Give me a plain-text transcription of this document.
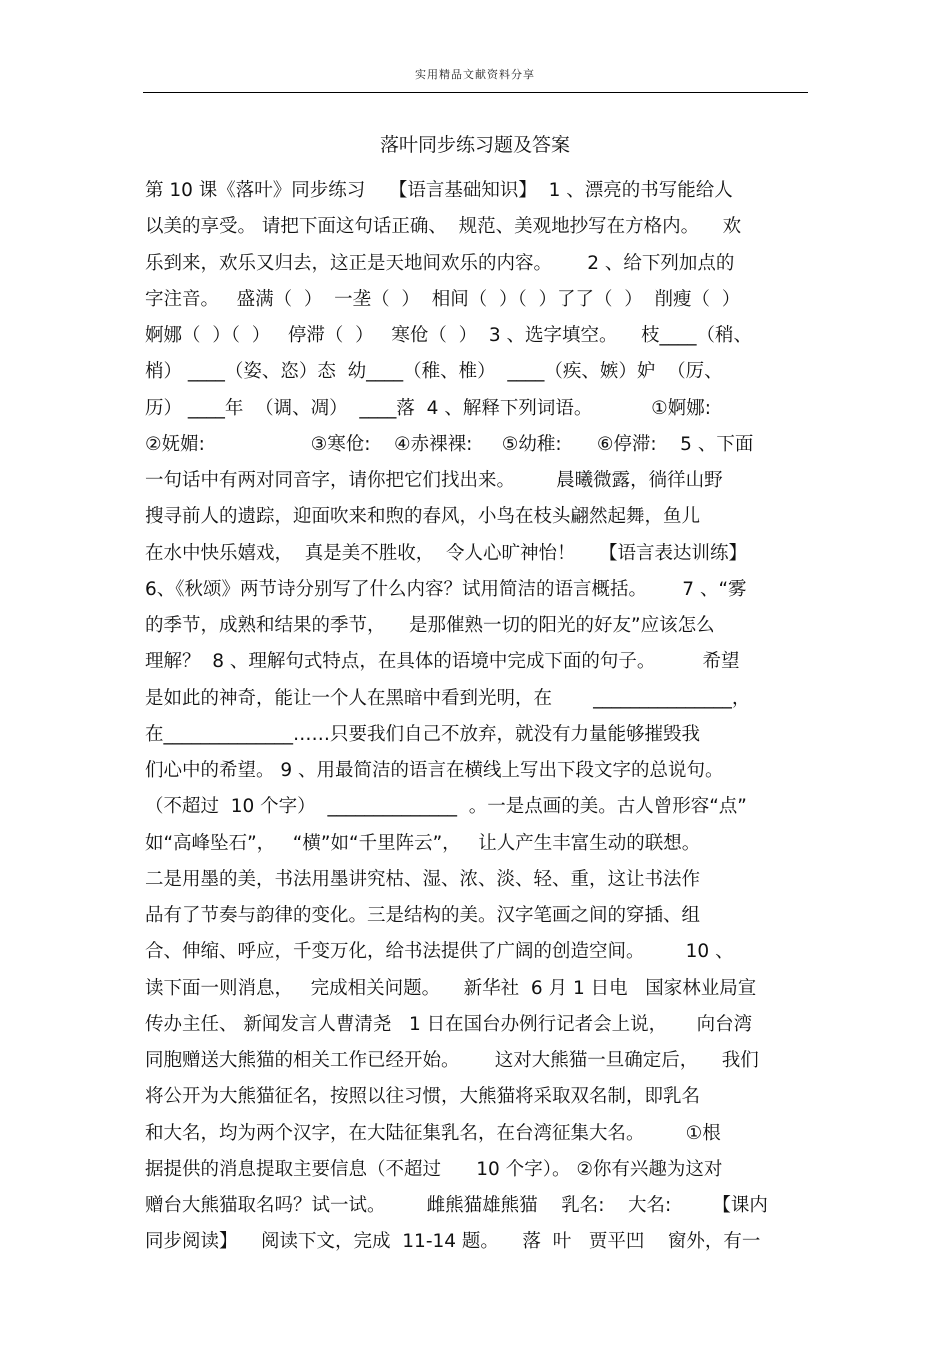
实用精品文献资料分享
落叶同步练习题及答案
第 10 课《落叶》同步练习    【语言基础知识】  1 、漂亮的书写能给人
以美的享受。 请把下面这句话正确、  规范、美观地抄写在方格内。    欢
乐到来，欢乐又归去，这正是天地间欢乐的内容。      2 、给下列加点的
字注音。   盛满（  ）  一垄（  ）  相间（  ）（  ）了了（  ）  削瘦（  ）
婀娜（  ）（  ）   停滞（  ）   寒伧（  ）  3 、选字填空。    枝____（稍、
梢） ____（姿、恣）态  幼____（稚、椎）  ____（疾、嫉）妒  （厉、
历） ____年  （调、凋）  ____落  4 、解释下列词语。          ①婀娜:
②妩媚:                  ③寒伧:    ④赤裸裸:     ⑤幼稚:      ⑥停滞:    5 、下面
一句话中有两对同音字，请你把它们找出来。       晨曦微露，徜徉山野
搜寻前人的遗踪，迎面吹来和煦的春风，小鸟在枝头翩然起舞，鱼儿
在水中快乐嬉戏，  真是美不胜收，  令人心旷神怡！    【语言表达训练】
6、《秋颂》两节诗分别写了什么内容？试用简洁的语言概括。      7 、“雾
的季节，成熟和结果的季节，    是那催熟一切的阳光的好友”应该怎么
理解？  8 、理解句式特点，在具体的语境中完成下面的句子。        希望
是如此的神奇，能让一个人在黑暗中看到光明，在       _______________，
在______________……只要我们自己不放弃，就没有力量能够摧毁我
们心中的希望。 9 、用最简洁的语言在横线上写出下段文字的总说句。
（不超过  10 个字）  ______________  。一是点画的美。古人曾形容“点”
如“高峰坠石”，   “横”如“千里阵云”，   让人产生丰富生动的联想。
二是用墨的美，书法用墨讲究枯、湿、浓、淡、轻、重，这让书法作
品有了节奏与韵律的变化。三是结构的美。汉字笔画之间的穿插、组
合、伸缩、呼应，千变万化，给书法提供了广阔的创造空间。       10 、
读下面一则消息，   完成相关问题。    新华社  6 月 1 日电   国家林业局宣
传办主任、 新闻发言人曹清尧   1 日在国台办例行记者会上说，     向台湾
同胞赠送大熊猫的相关工作已经开始。      这对大熊猫一旦确定后，    我们
将公开为大熊猫征名，按照以往习惯，大熊猫将采取双名制，即乳名
和大名，均为两个汉字，在大陆征集乳名，在台湾征集大名。       ①根
据提供的消息提取主要信息（不超过      10 个字）。 ②你有兴趣为这对
赠台大熊猫取名吗？试一试。       雌熊猫雄熊猫    乳名:    大名:       【课内
同步阅读】    阅读下文，完成  11-14 题。    落  叶   贾平凹    窗外，有一
